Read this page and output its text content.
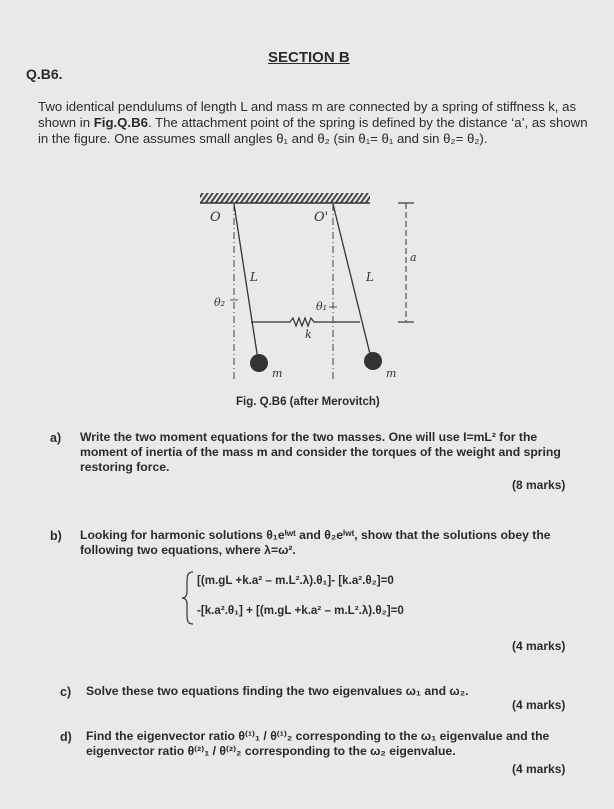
SECTION B
Q.B6.
Two identical pendulums of length L and mass m are connected by a spring of stiffness k, as shown in Fig.Q.B6. The attachment point of the spring is defined by the distance ‘a’, as shown in the figure. One assumes small angles θ₁ and θ₂ (sin θ₁= θ₁ and sin θ₂= θ₂).
O	O'
L	L
θ₂	θ₁
k
m	m
a
Fig. Q.B6 (after Merovitch)
a) Write the two moment equations for the two masses. One will use I=mL² for the moment of inertia of the mass m and consider the torques of the weight and spring restoring force.
(8 marks)
b) Looking for harmonic solutions θ₁eⁱʷᵗ and θ₂eⁱʷᵗ, show that the solutions obey the following two equations, where λ=ω².
[(m.gL +k.a² – m.L².λ).θ₁]- [k.a².θ₂]=0
-[k.a².θ₁] + [(m.gL +k.a² – m.L².λ).θ₂]=0
(4 marks)
c) Solve these two equations finding the two eigenvalues ω₁ and ω₂.
(4 marks)
d) Find the eigenvector ratio θ⁽¹⁾₁ / θ⁽¹⁾₂ corresponding to the ω₁ eigenvalue and the eigenvector ratio θ⁽²⁾₁ / θ⁽²⁾₂ corresponding to the ω₂ eigenvalue.
(4 marks)
